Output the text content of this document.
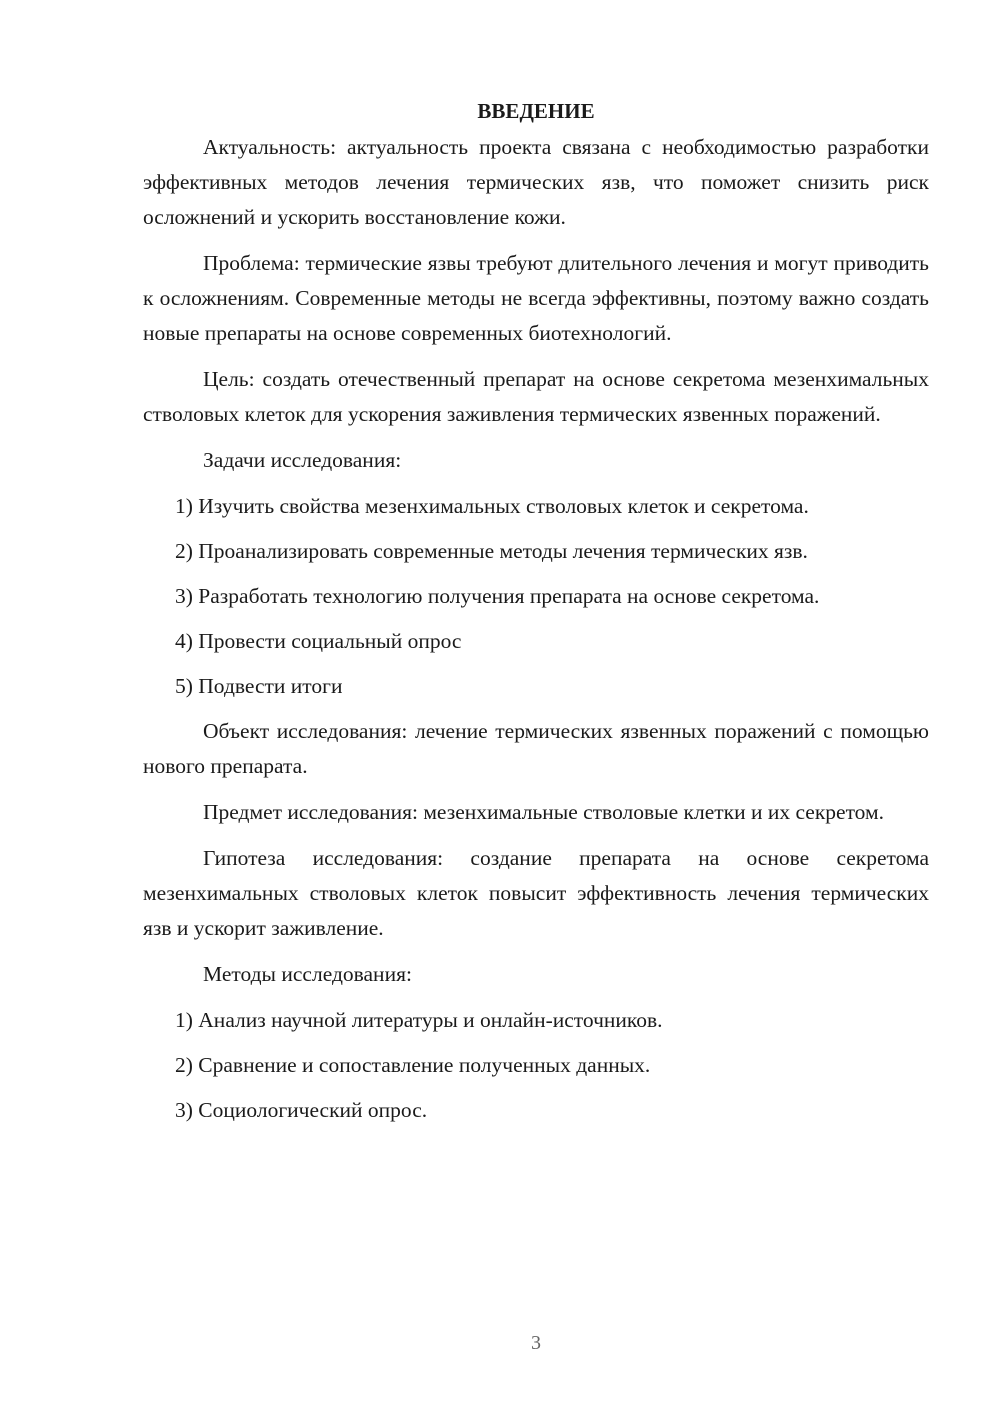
ВВЕДЕНИЕ

Актуальность: актуальность проекта связана с необходимостью разработки эффективных методов лечения термических язв, что поможет снизить риск осложнений и ускорить восстановление кожи.

Проблема: термические язвы требуют длительного лечения и могут приводить к осложнениям. Современные методы не всегда эффективны, поэтому важно создать новые препараты на основе современных биотехнологий.

Цель: создать отечественный препарат на основе секретома мезенхимальных стволовых клеток для ускорения заживления термических язвенных поражений.

Задачи исследования:

1) Изучить свойства мезенхимальных стволовых клеток и секретома.

2) Проанализировать современные методы лечения термических язв.

3) Разработать технологию получения препарата на основе секретома.

4) Провести социальный опрос

5) Подвести итоги

Объект исследования: лечение термических язвенных поражений с помощью нового препарата.

Предмет исследования: мезенхимальные стволовые клетки и их секретом.

Гипотеза исследования: создание препарата на основе секретома мезенхимальных стволовых клеток повысит эффективность лечения термических язв и ускорит заживление.

Методы исследования:

1) Анализ научной литературы и онлайн-источников.

2) Сравнение и сопоставление полученных данных.

3) Социологический опрос.

3
